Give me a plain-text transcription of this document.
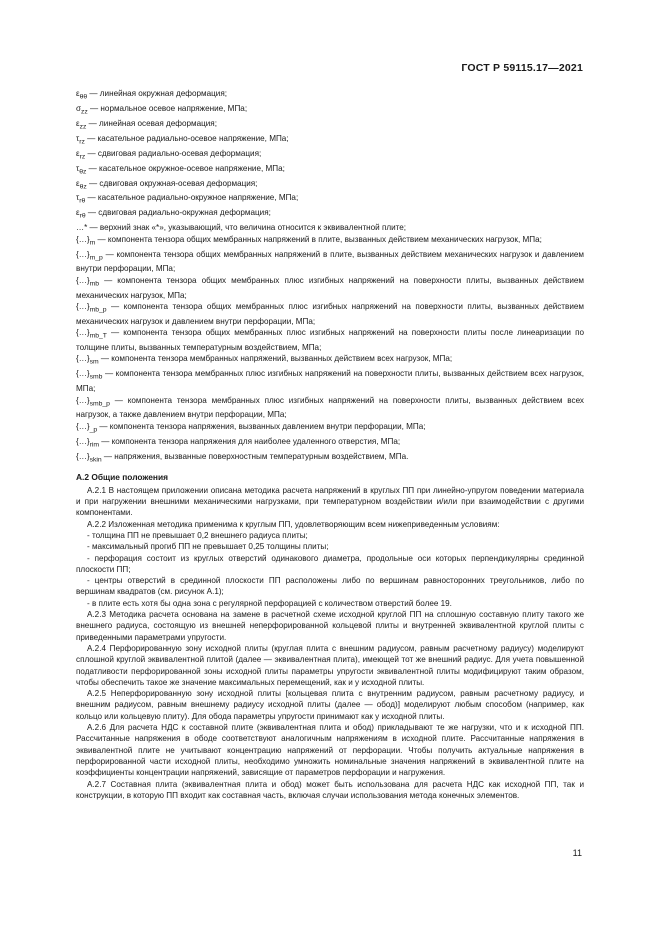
ГОСТ Р 59115.17—2021

$\varepsilon_{\theta\theta}$ — линейная окружная деформация;

$\sigma_{zz}$ — нормальное осевое напряжение, МПа;

$\varepsilon_{zz}$ — линейная осевая деформация;

$\tau_{rz}$ — касательное радиально-осевое напряжение, МПа;

$\varepsilon_{rz}$ — сдвиговая радиально-осевая деформация;

$\tau_{\theta z}$ — касательное окружное-осевое напряжение, МПа;

$\varepsilon_{\theta z}$ — сдвиговая окружная-осевая деформация;

$\tau_{r\theta}$ — касательное радиально-окружное напряжение, МПа;

$\varepsilon_{r\theta}$ — сдвиговая радиально-окружная деформация;

…* — верхний знак «*», указывающий, что величина относится к эквивалентной плите;

$\{\dots\}_m$ — компонента тензора общих мембранных напряжений в плите, вызванных действием механических нагрузок, МПа;

$\{\dots\}_{m\_p}$ — компонента тензора общих мембранных напряжений в плите, вызванных действием механических нагрузок и давлением внутри перфорации, МПа;

$\{\dots\}_{mb}$ — компонента тензора общих мембранных плюс изгибных напряжений на поверхности плиты, вызванных действием механических нагрузок, МПа;

$\{\dots\}_{mb\_p}$ — компонента тензора общих мембранных плюс изгибных напряжений на поверхности плиты, вызванных действием механических нагрузок и давлением внутри перфорации, МПа;

$\{\dots\}_{mb\_T}$ — компонента тензора общих мембранных плюс изгибных напряжений на поверхности плиты после линеаризации по толщине плиты, вызванных температурным воздействием, МПа;

$\{\dots\}_{sm}$ — компонента тензора мембранных напряжений, вызванных действием всех нагрузок, МПа;

$\{\dots\}_{smb}$ — компонента тензора мембранных плюс изгибных напряжений на поверхности плиты, вызванных действием всех нагрузок, МПа;

$\{\dots\}_{smb\_p}$ — компонента тензора мембранных плюс изгибных напряжений на поверхности плиты, вызванных действием всех нагрузок, а также давлением внутри перфорации, МПа;

$\{\dots\}_{\_p}$ — компонента тензора напряжения, вызванных давлением внутри перфорации, МПа;

$\{\dots\}_{rim}$ — компонента тензора напряжения для наиболее удаленного отверстия, МПа;

$\{\dots\}_{skin}$ — напряжения, вызванные поверхностным температурным воздействием, МПа.

А.2 Общие положения

А.2.1 В настоящем приложении описана методика расчета напряжений в круглых ПП при линейно-упругом поведении материала и при нагружении внешними механическими нагрузками, при температурном воздействии и/или при взаимодействии с другими компонентами.

А.2.2 Изложенная методика применима к круглым ПП, удовлетворяющим всем нижеприведенным условиям:

- толщина ПП не превышает 0,2 внешнего радиуса плиты;

- максимальный прогиб ПП не превышает 0,25 толщины плиты;

- перфорация состоит из круглых отверстий одинакового диаметра, продольные оси которых перпендикулярны срединной плоскости ПП;

- центры отверстий в срединной плоскости ПП расположены либо по вершинам равносторонних треугольников, либо по вершинам квадратов (см. рисунок А.1);

- в плите есть хотя бы одна зона с регулярной перфорацией с количеством отверстий более 19.

А.2.3 Методика расчета основана на замене в расчетной схеме исходной круглой ПП на сплошную составную плиту такого же внешнего радиуса, состоящую из внешней неперфорированной кольцевой плиты и внутренней эквивалентной круглой плиты с приведенными параметрами упругости.

А.2.4 Перфорированную зону исходной плиты (круглая плита с внешним радиусом, равным расчетному радиусу) моделируют сплошной круглой эквивалентной плитой (далее — эквивалентная плита), имеющей тот же внешний радиус. Для учета повышенной податливости перфорированной зоны исходной плиты параметры упругости эквивалентной плиты модифицируют таким образом, чтобы обеспечить такое же значение максимальных перемещений, как и у исходной плиты.

А.2.5 Неперфорированную зону исходной плиты [кольцевая плита с внутренним радиусом, равным расчетному радиусу, и внешним радиусом, равным внешнему радиусу исходной плиты (далее — обод)] моделируют любым способом (например, как кольцо или кольцевую плиту). Для обода параметры упругости принимают как у исходной плиты.

А.2.6 Для расчета НДС к составной плите (эквивалентная плита и обод) прикладывают те же нагрузки, что и к исходной ПП. Рассчитанные напряжения в ободе соответствуют аналогичным напряжениям в исходной плите. Рассчитанные напряжения в эквивалентной плите не учитывают концентрацию напряжений от перфорации. Чтобы получить актуальные напряжения в перфорированной части исходной плиты, необходимо умножить номинальные значения напряжений в эквивалентной плите на коэффициенты концентрации напряжений, зависящие от параметров перфорации и нагружения.

А.2.7 Составная плита (эквивалентная плита и обод) может быть использована для расчета НДС как исходной ПП, так и конструкции, в которую ПП входит как составная часть, включая случаи использования метода конечных элементов.

11
